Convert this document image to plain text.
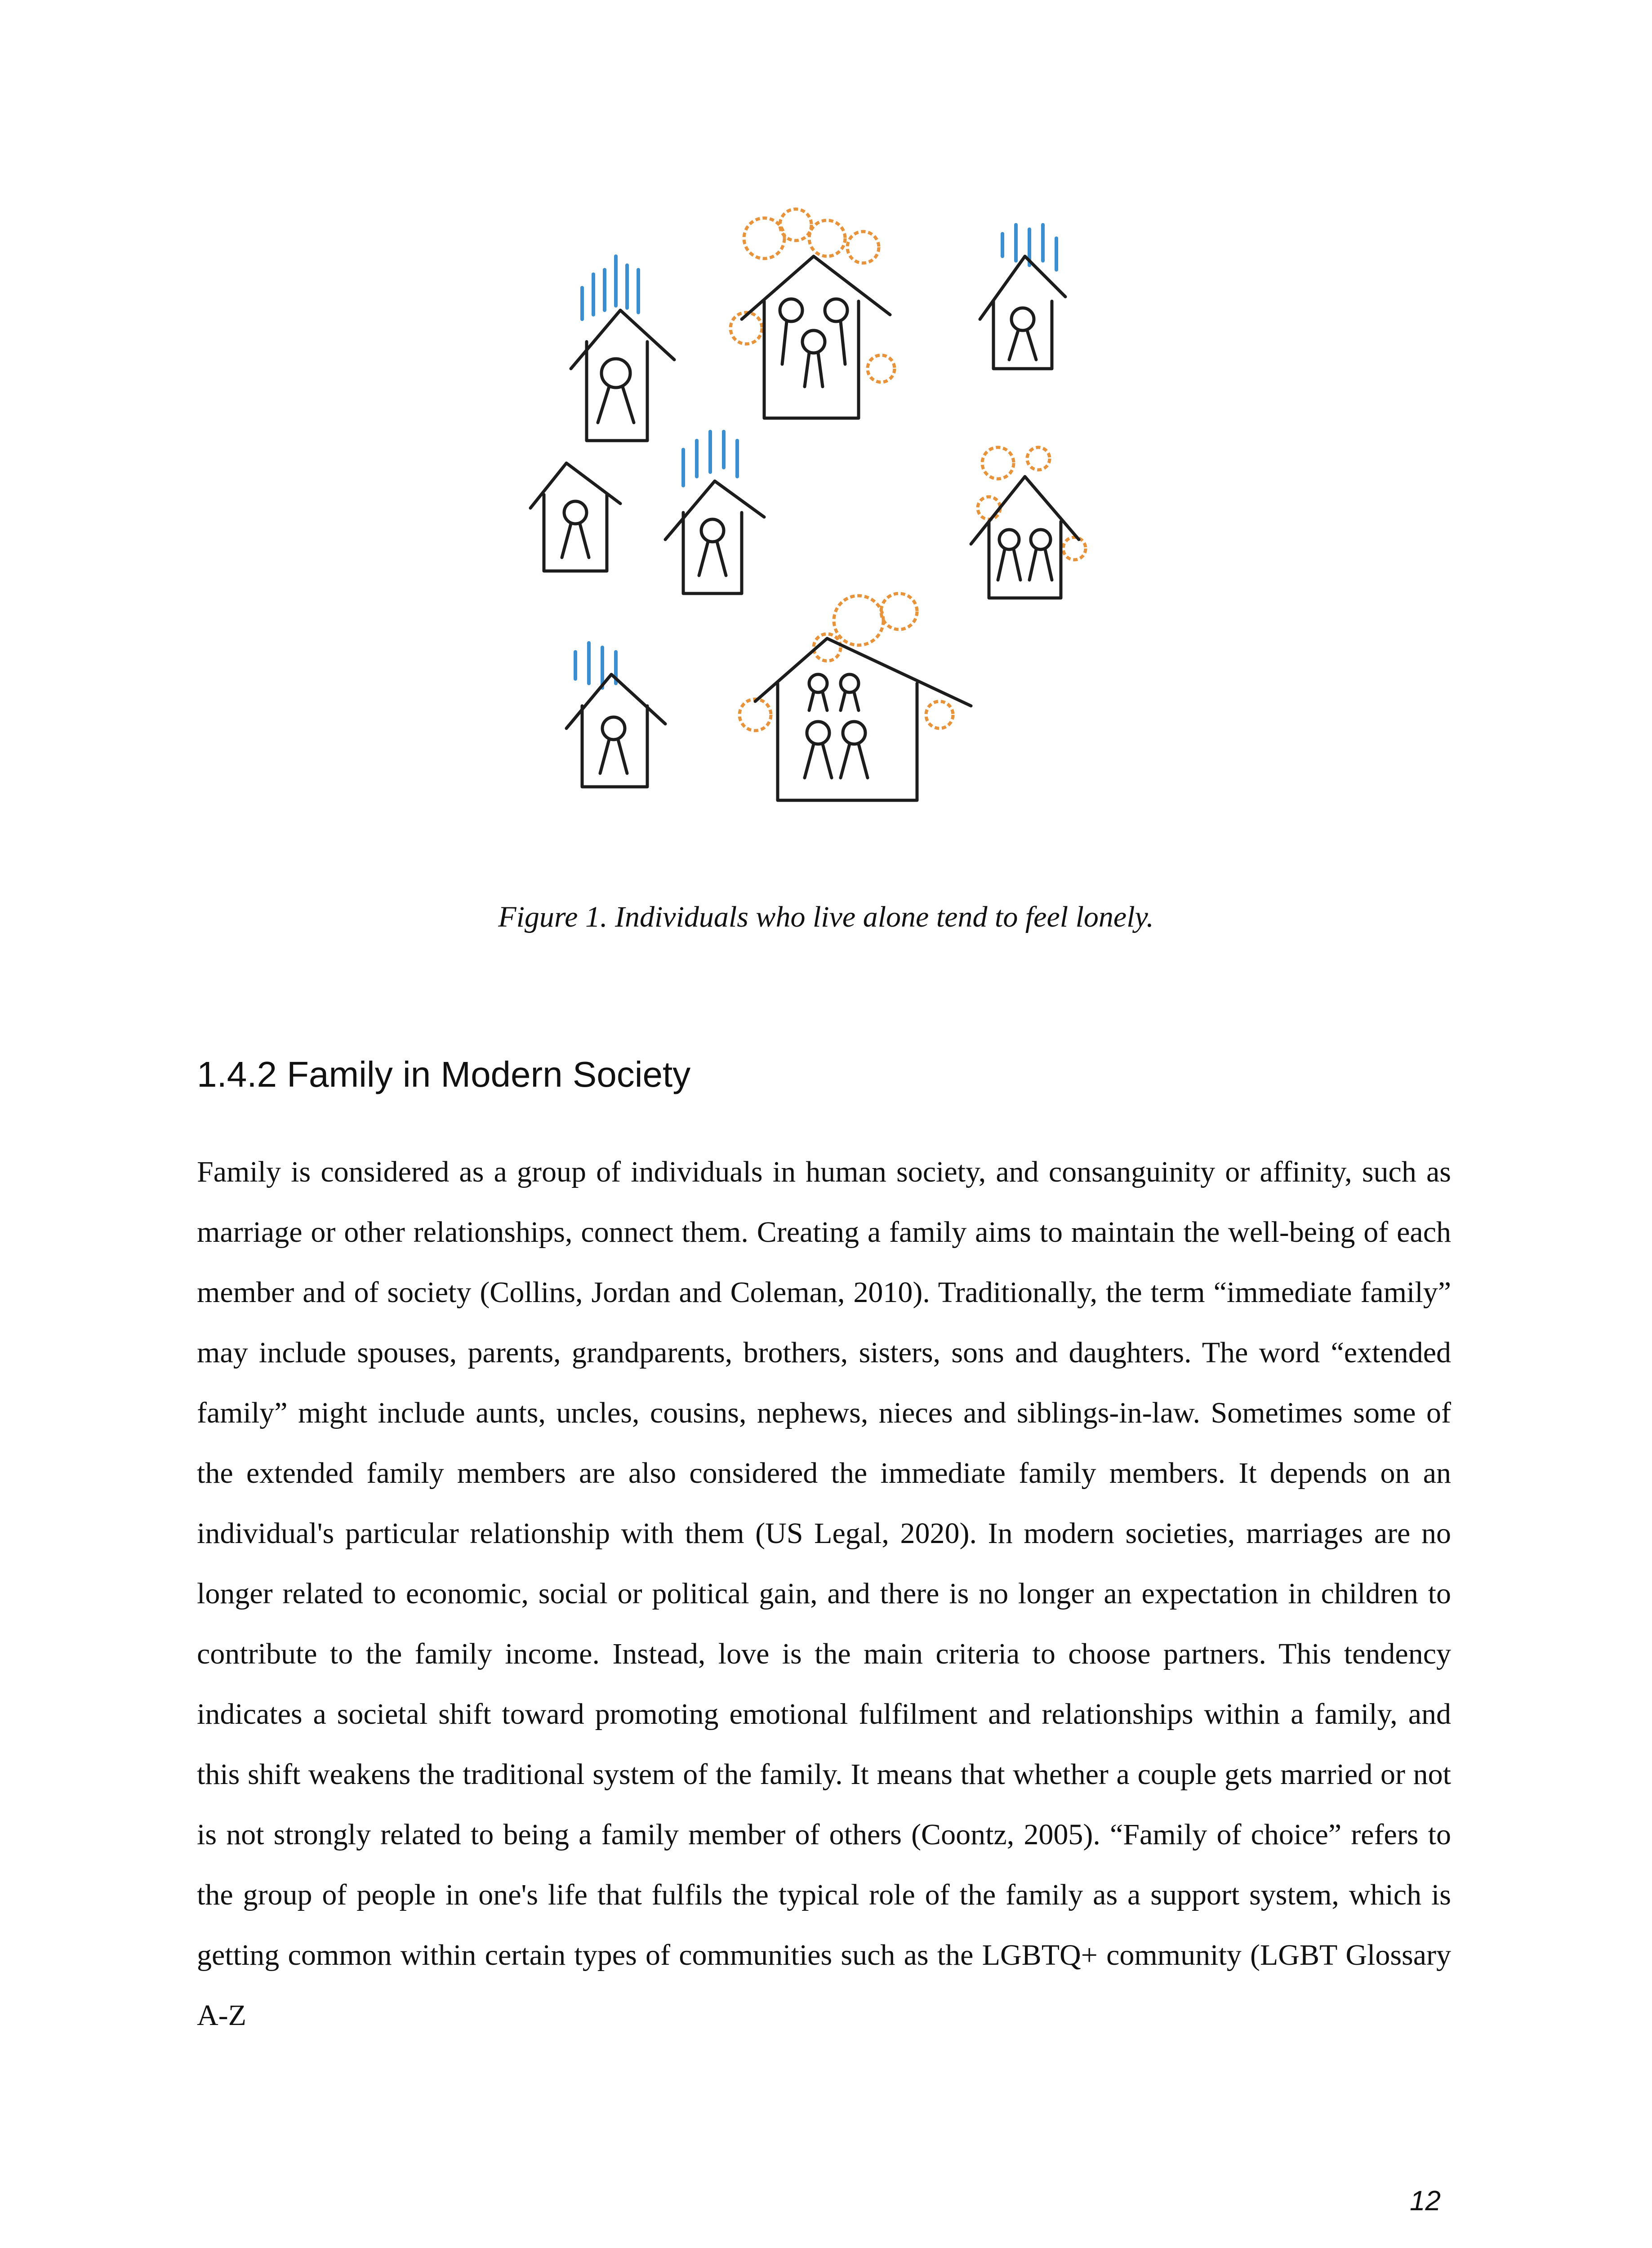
Figure 1. Individuals who live alone tend to feel lonely.
1.4.2 Family in Modern Society

Family is considered as a group of individuals in human society, and consanguinity or affinity, such as marriage or other relationships, connect them. Creating a family aims to maintain the well-being of each member and of society (Collins, Jordan and Coleman, 2010). Traditionally, the term “immediate family” may include spouses, parents, grandparents, brothers, sisters, sons and daughters. The word “extended family” might include aunts, uncles, cousins, nephews, nieces and siblings-in-law. Sometimes some of the extended family members are also considered the immediate family members. It depends on an individual's particular relationship with them (US Legal, 2020). In modern societies, marriages are no longer related to economic, social or political gain, and there is no longer an expectation in children to contribute to the family income. Instead, love is the main criteria to choose partners. This tendency indicates a societal shift toward promoting emotional fulfilment and relationships within a family, and this shift weakens the traditional system of the family. It means that whether a couple gets married or not is not strongly related to being a family member of others (Coontz, 2005). “Family of choice” refers to the group of people in one's life that fulfils the typical role of the family as a support system, which is getting common within certain types of communities such as the LGBTQ+ community (LGBT Glossary A-Z

12
